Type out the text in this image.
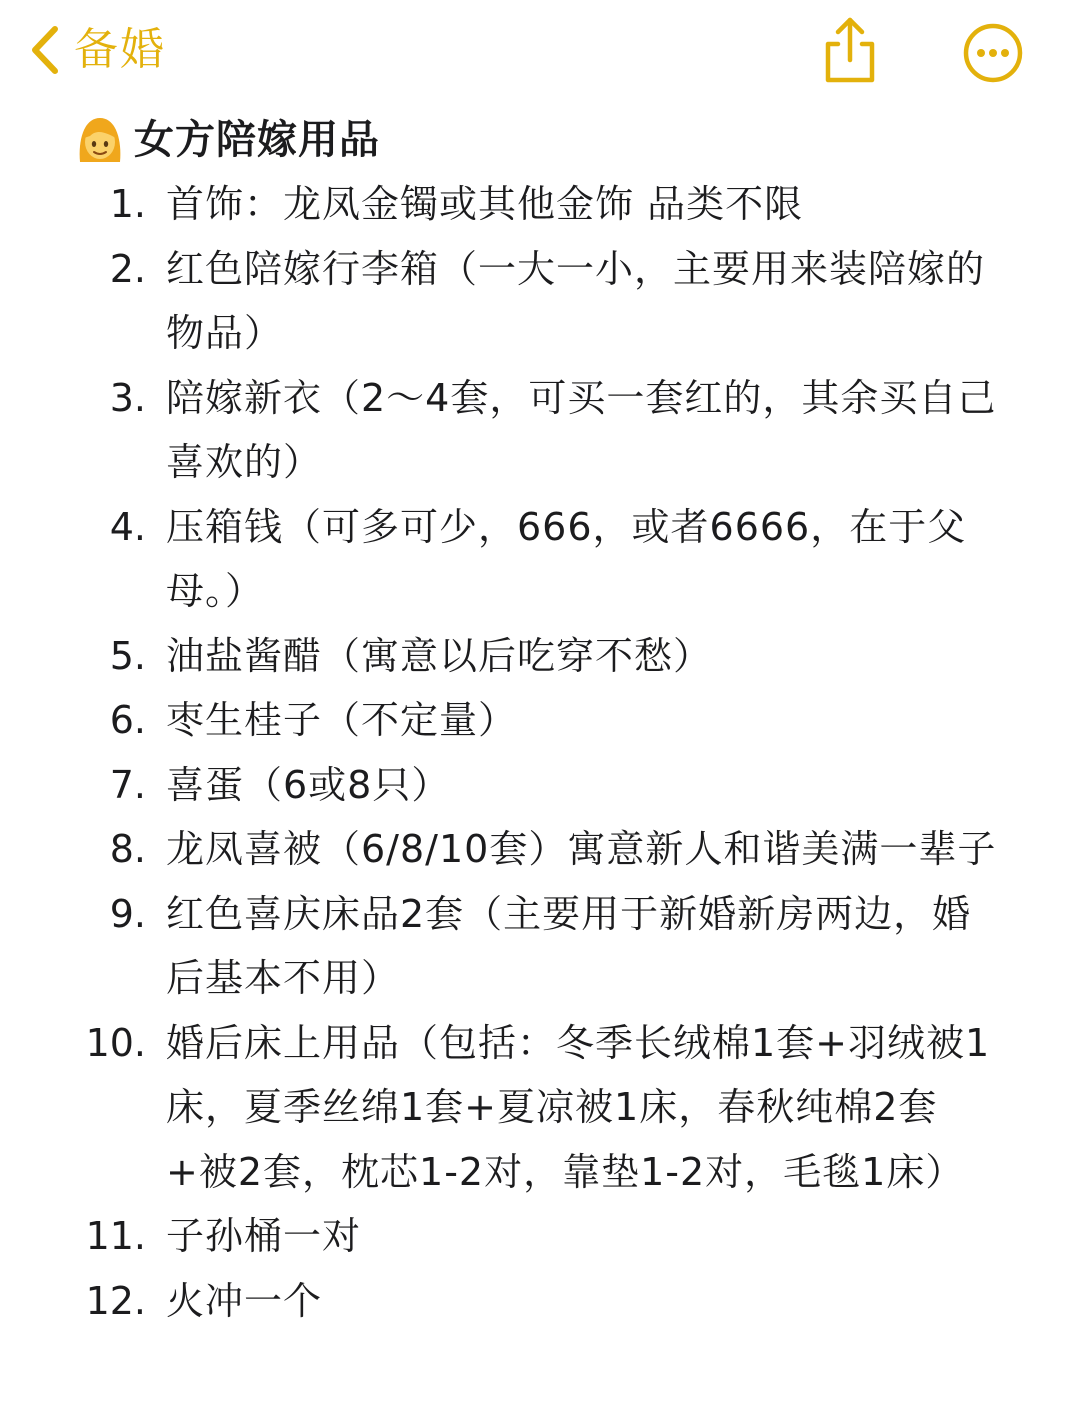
备婚
女方陪嫁用品
1. 首饰：龙凤金镯或其他金饰 品类不限
2. 红色陪嫁行李箱（一大一小，主要用来装陪嫁的物品）
3. 陪嫁新衣（2～4套，可买一套红的，其余买自己喜欢的）
4. 压箱钱（可多可少，666，或者6666，在于父母。）
5. 油盐酱醋（寓意以后吃穿不愁）
6. 枣生桂子（不定量）
7. 喜蛋（6或8只）
8. 龙凤喜被（6/8/10套）寓意新人和谐美满一辈子
9. 红色喜庆床品2套（主要用于新婚新房两边，婚后基本不用）
10. 婚后床上用品（包括：冬季长绒棉1套+羽绒被1床，夏季丝绵1套+夏凉被1床，春秋纯棉2套+被2套，枕芯1-2对，靠垫1-2对，毛毯1床）
11. 子孙桶一对
12. 火冲一个
